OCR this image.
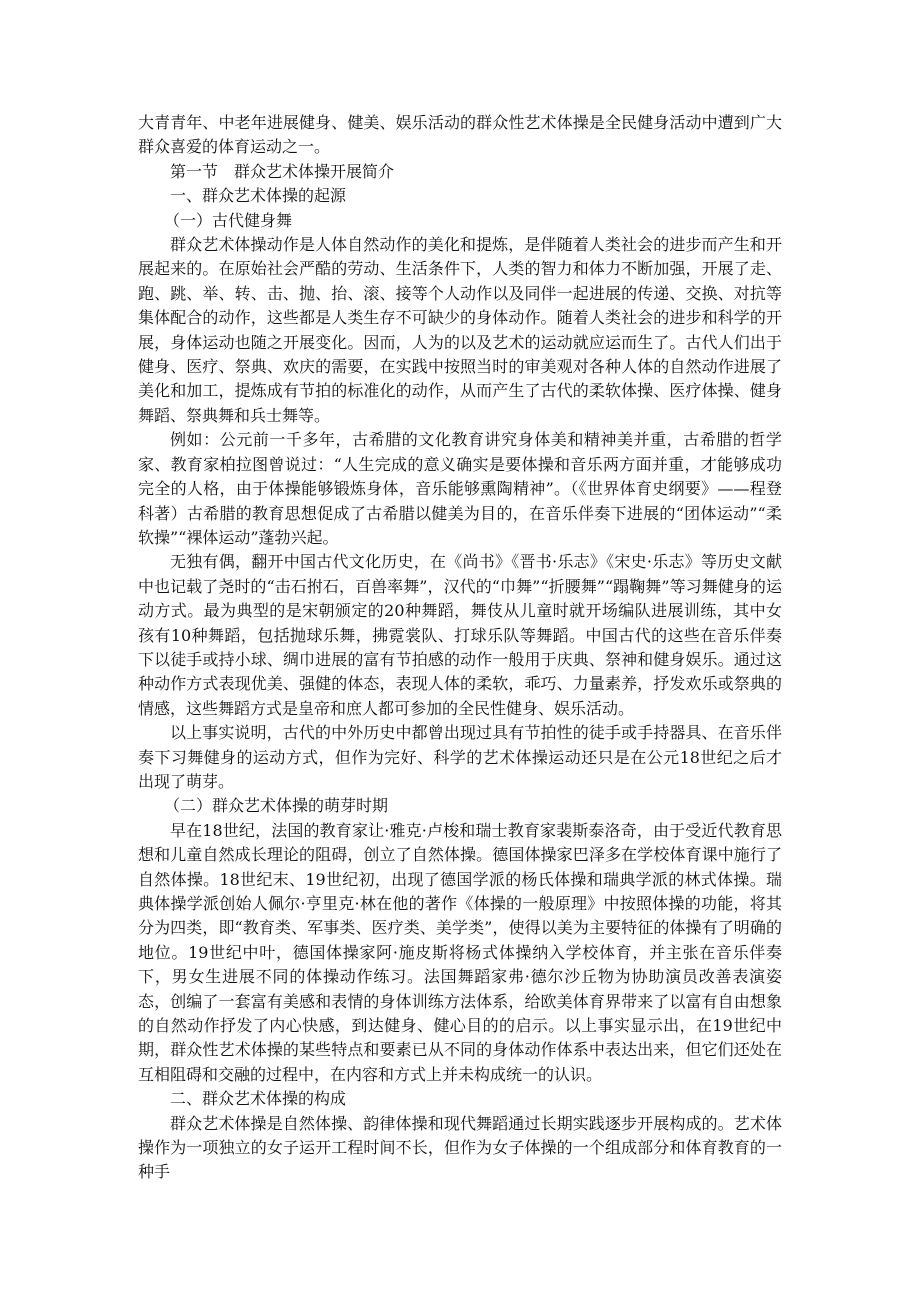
大青青年、中老年进展健身、健美、娱乐活动的群众性艺术体操是全民健身活动中遭到广大群众喜爱的体育运动之一。

第一节　群众艺术体操开展简介

一、群众艺术体操的起源

（一）古代健身舞

群众艺术体操动作是人体自然动作的美化和提炼，是伴随着人类社会的进步而产生和开展起来的。在原始社会严酷的劳动、生活条件下，人类的智力和体力不断加强，开展了走、跑、跳、举、转、击、抛、抬、滚、接等个人动作以及同伴一起进展的传递、交换、对抗等集体配合的动作，这些都是人类生存不可缺少的身体动作。随着人类社会的进步和科学的开展，身体运动也随之开展变化。因而，人为的以及艺术的运动就应运而生了。古代人们出于健身、医疗、祭典、欢庆的需要，在实践中按照当时的审美观对各种人体的自然动作进展了美化和加工，提炼成有节拍的标准化的动作，从而产生了古代的柔软体操、医疗体操、健身舞蹈、祭典舞和兵士舞等。

例如：公元前一千多年，古希腊的文化教育讲究身体美和精神美并重，古希腊的哲学家、教育家柏拉图曾说过：“人生完成的意义确实是要体操和音乐两方面并重，才能够成功完全的人格，由于体操能够锻炼身体，音乐能够熏陶精神”。（《世界体育史纲要》——程登科著）古希腊的教育思想促成了古希腊以健美为目的，在音乐伴奏下进展的“团体运动”“柔软操”“裸体运动”蓬勃兴起。

无独有偶，翻开中国古代文化历史，在《尚书》《晋书·乐志》《宋史·乐志》等历史文献中也记载了尧时的“击石拊石，百兽率舞”，汉代的“巾舞”“折腰舞”“蹋鞠舞”等习舞健身的运动方式。最为典型的是宋朝颁定的20种舞蹈，舞伎从儿童时就开场编队进展训练，其中女孩有10种舞蹈，包括抛球乐舞，拂霓裳队、打球乐队等舞蹈。中国古代的这些在音乐伴奏下以徒手或持小球、绸巾进展的富有节拍感的动作一般用于庆典、祭神和健身娱乐。通过这种动作方式表现优美、强健的体态，表现人体的柔软，乖巧、力量素养，抒发欢乐或祭典的情感，这些舞蹈方式是皇帝和庶人都可参加的全民性健身、娱乐活动。

以上事实说明，古代的中外历史中都曾出现过具有节拍性的徒手或手持器具、在音乐伴奏下习舞健身的运动方式，但作为完好、科学的艺术体操运动还只是在公元18世纪之后才出现了萌芽。

（二）群众艺术体操的萌芽时期

早在18世纪，法国的教育家让·雅克·卢梭和瑞士教育家裴斯泰洛奇，由于受近代教育思想和儿童自然成长理论的阻碍，创立了自然体操。德国体操家巴泽多在学校体育课中施行了自然体操。18世纪末、19世纪初，出现了德国学派的杨氏体操和瑞典学派的林式体操。瑞典体操学派创始人佩尔·亨里克·林在他的著作《体操的一般原理》中按照体操的功能，将其分为四类，即“教育类、军事类、医疗类、美学类”，使得以美为主要特征的体操有了明确的地位。19世纪中叶，德国体操家阿·施皮斯将杨式体操纳入学校体育，并主张在音乐伴奏下，男女生进展不同的体操动作练习。法国舞蹈家弗·德尔沙丘物为协助演员改善表演姿态，创编了一套富有美感和表情的身体训练方法体系，给欧美体育界带来了以富有自由想象的自然动作抒发了内心快感，到达健身、健心目的的启示。以上事实显示出，在19世纪中期，群众性艺术体操的某些特点和要素已从不同的身体动作体系中表达出来，但它们还处在互相阻碍和交融的过程中，在内容和方式上并未构成统一的认识。

二、群众艺术体操的构成

群众艺术体操是自然体操、韵律体操和现代舞蹈通过长期实践逐步开展构成的。艺术体操作为一项独立的女子运开工程时间不长，但作为女子体操的一个组成部分和体育教育的一种手
